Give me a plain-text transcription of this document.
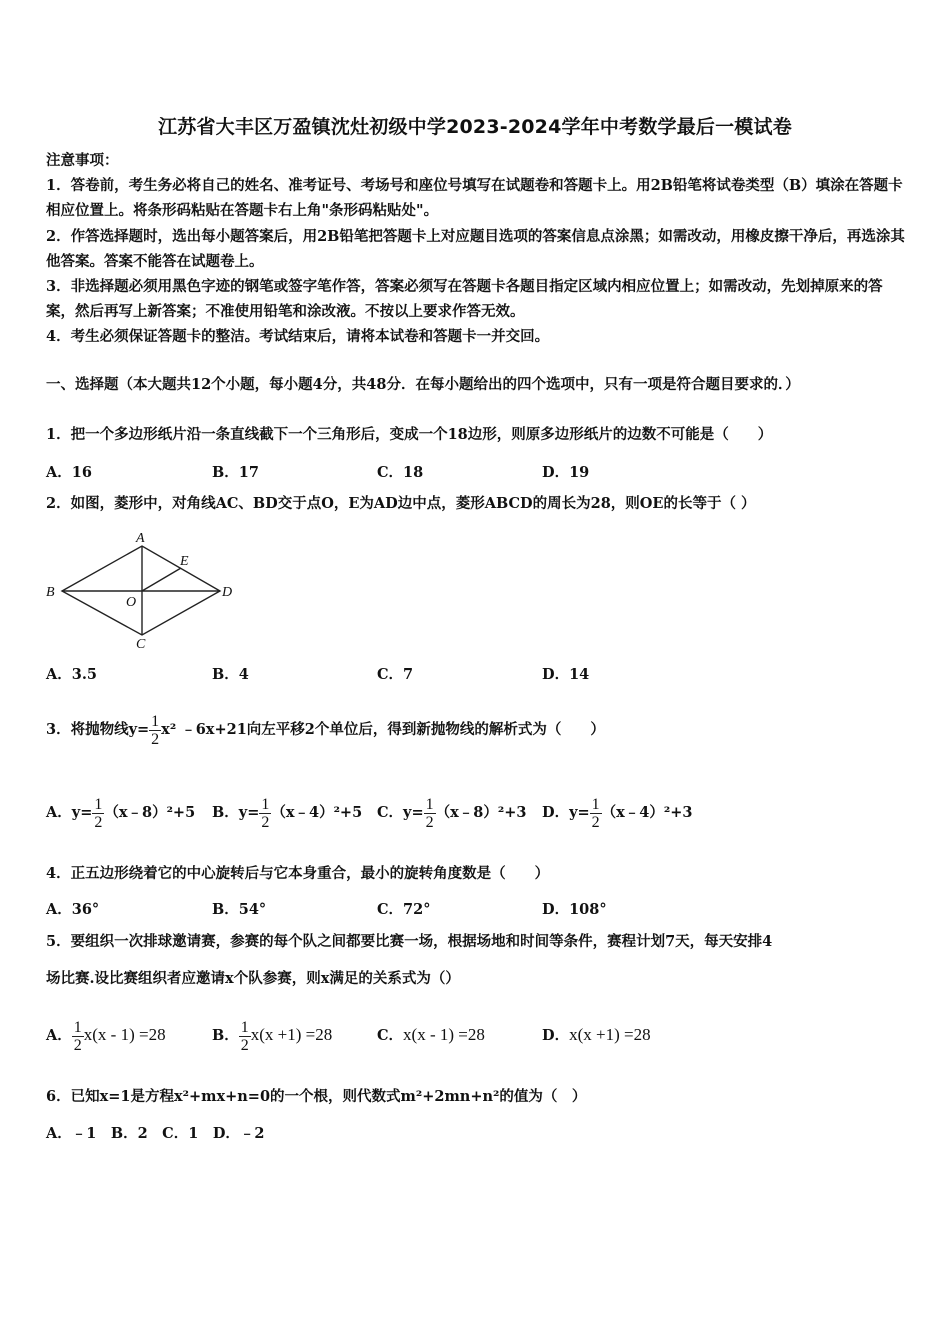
江苏省大丰区万盈镇沈灶初级中学2023-2024学年中考数学最后一模试卷
注意事项：
1．答卷前，考生务必将自己的姓名、准考证号、考场号和座位号填写在试题卷和答题卡上。用2B铅笔将试卷类型（B）填涂在答题卡相应位置上。将条形码粘贴在答题卡右上角"条形码粘贴处"。
2．作答选择题时，选出每小题答案后，用2B铅笔把答题卡上对应题目选项的答案信息点涂黑；如需改动，用橡皮擦干净后，再选涂其他答案。答案不能答在试题卷上。
3．非选择题必须用黑色字迹的钢笔或签字笔作答，答案必须写在答题卡各题目指定区域内相应位置上；如需改动，先划掉原来的答案，然后再写上新答案；不准使用铅笔和涂改液。不按以上要求作答无效。
4．考生必须保证答题卡的整洁。考试结束后，请将本试卷和答题卡一并交回。
一、选择题（本大题共12个小题，每小题4分，共48分．在每小题给出的四个选项中，只有一项是符合题目要求的．）
1．把一个多边形纸片沿一条直线截下一个三角形后，变成一个18边形，则原多边形纸片的边数不可能是（　　）
A．16	B．17	C．18	D．19
2．如图，菱形中，对角线AC、BD交于点O，E为AD边中点，菱形ABCD的周长为28，则OE的长等于（ ）
A
B
C
D
E
O
A．3.5	B．4	C．7	D．14
3．将抛物线$y= \frac{1}{2} x^2$ ﹣6x+21向左平移2个单位后，得到新抛物线的解析式为（　　）
A．$y= \frac{1}{2}$ （x﹣8）²+5 B．$y= \frac{1}{2}$ （x﹣4）²+5 C．$y= \frac{1}{2}$ （x﹣8）²+3 D．$y= \frac{1}{2}$ （x﹣4）²+3
4．正五边形绕着它的中心旋转后与它本身重合，最小的旋转角度数是（　　）
A．36°	B．54°	C．72°	D．108°
5．要组织一次排球邀请赛，参赛的每个队之间都要比赛一场，根据场地和时间等条件，赛程计划7天，每天安排4
场比赛.设比赛组织者应邀请x个队参赛，则x满足的关系式为（）
A． $\frac{1}{2} x(x - 1) =28$	B． $\frac{1}{2} x(x +1) =28$	C．x(x - 1) =28	D．x(x +1) =28
6．已知x=1是方程x²+mx+n=0的一个根，则代数式m²+2mn+n²的值为（　）
A．﹣1　B．2　C．1　D．﹣2
